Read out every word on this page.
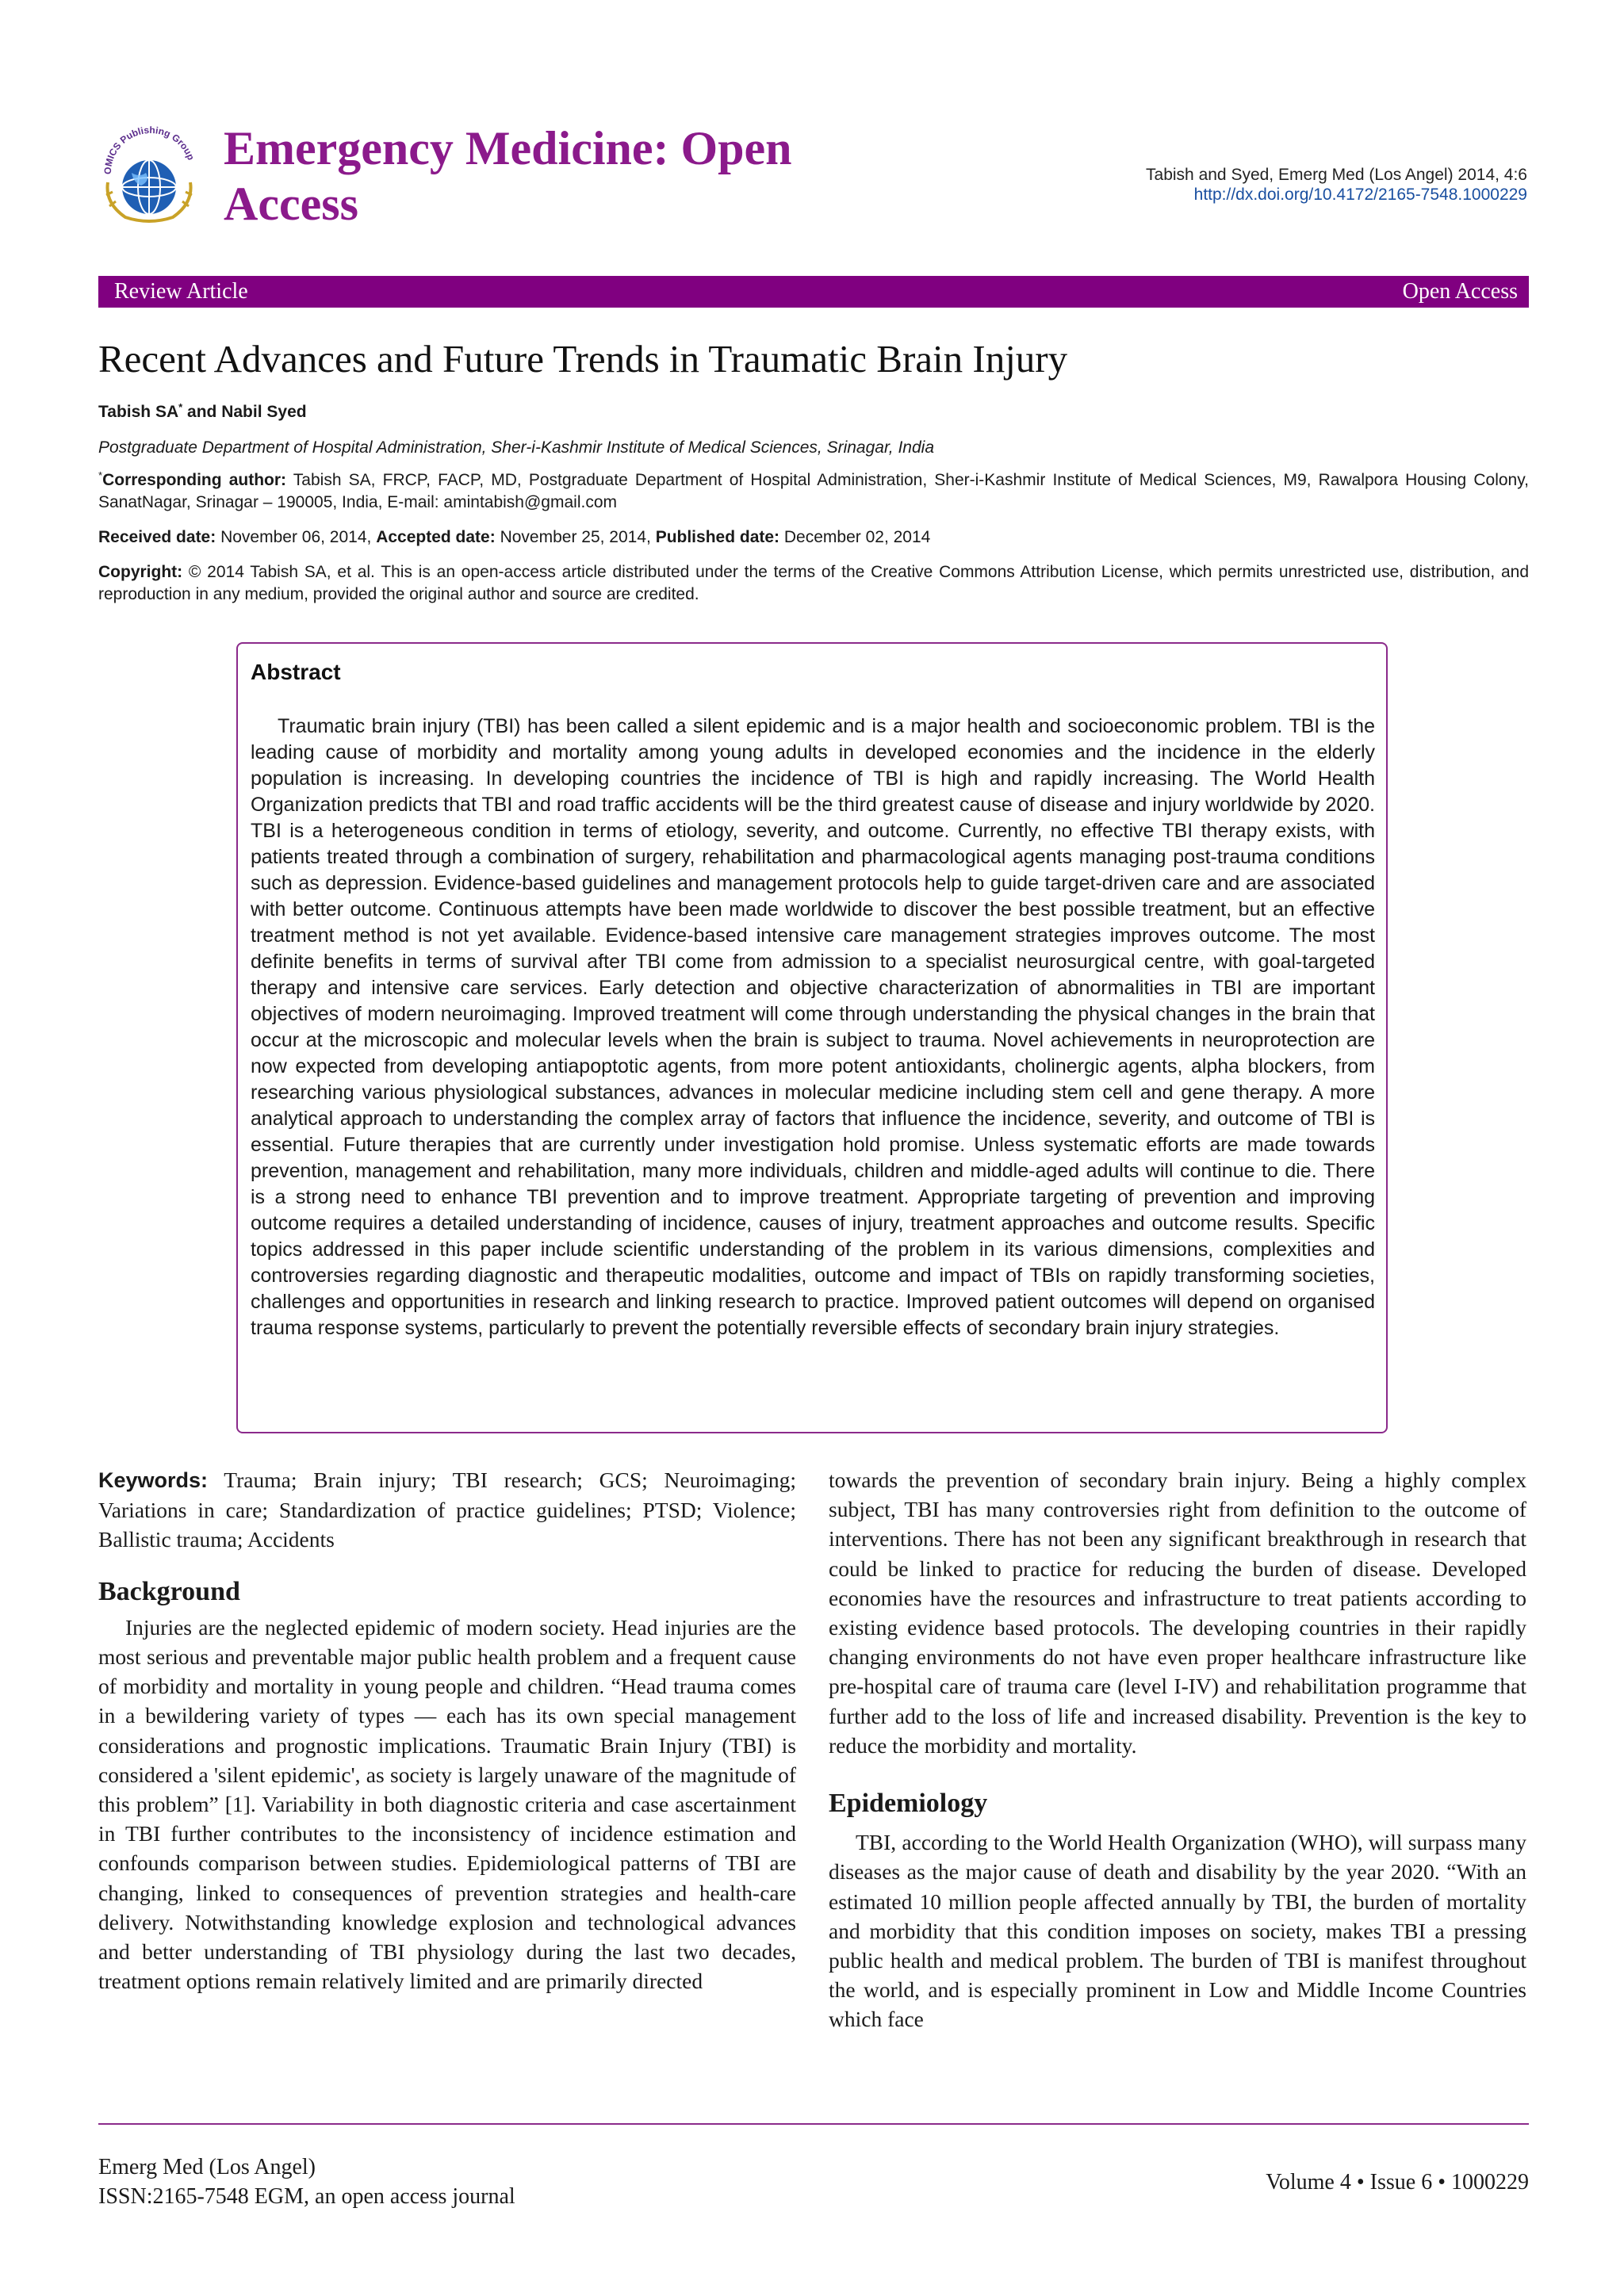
OMICS Publishing Group Emergency Medicine: Open Access
Tabish and Syed, Emerg Med (Los Angel) 2014, 4:6
http://dx.doi.org/10.4172/2165-7548.1000229
Review Article	Open Access
Recent Advances and Future Trends in Traumatic Brain Injury
Tabish SA* and Nabil Syed
Postgraduate Department of Hospital Administration, Sher-i-Kashmir Institute of Medical Sciences, Srinagar, India
*Corresponding author: Tabish SA, FRCP, FACP, MD, Postgraduate Department of Hospital Administration, Sher-i-Kashmir Institute of Medical Sciences, M9, Rawalpora Housing Colony, SanatNagar, Srinagar – 190005, India, E-mail: amintabish@gmail.com
Received date: November 06, 2014, Accepted date: November 25, 2014, Published date: December 02, 2014
Copyright: © 2014 Tabish SA, et al. This is an open-access article distributed under the terms of the Creative Commons Attribution License, which permits unrestricted use, distribution, and reproduction in any medium, provided the original author and source are credited.
Abstract
Traumatic brain injury (TBI) has been called a silent epidemic and is a major health and socioeconomic problem. TBI is the leading cause of morbidity and mortality among young adults in developed economies and the incidence in the elderly population is increasing. In developing countries the incidence of TBI is high and rapidly increasing. The World Health Organization predicts that TBI and road traffic accidents will be the third greatest cause of disease and injury worldwide by 2020. TBI is a heterogeneous condition in terms of etiology, severity, and outcome. Currently, no effective TBI therapy exists, with patients treated through a combination of surgery, rehabilitation and pharmacological agents managing post-trauma conditions such as depression. Evidence-based guidelines and management protocols help to guide target-driven care and are associated with better outcome. Continuous attempts have been made worldwide to discover the best possible treatment, but an effective treatment method is not yet available. Evidence-based intensive care management strategies improves outcome. The most definite benefits in terms of survival after TBI come from admission to a specialist neurosurgical centre, with goal-targeted therapy and intensive care services. Early detection and objective characterization of abnormalities in TBI are important objectives of modern neuroimaging. Improved treatment will come through understanding the physical changes in the brain that occur at the microscopic and molecular levels when the brain is subject to trauma. Novel achievements in neuroprotection are now expected from developing antiapoptotic agents, from more potent antioxidants, cholinergic agents, alpha blockers, from researching various physiological substances, advances in molecular medicine including stem cell and gene therapy. A more analytical approach to understanding the complex array of factors that influence the incidence, severity, and outcome of TBI is essential. Future therapies that are currently under investigation hold promise. Unless systematic efforts are made towards prevention, management and rehabilitation, many more individuals, children and middle-aged adults will continue to die. There is a strong need to enhance TBI prevention and to improve treatment. Appropriate targeting of prevention and improving outcome requires a detailed understanding of incidence, causes of injury, treatment approaches and outcome results. Specific topics addressed in this paper include scientific understanding of the problem in its various dimensions, complexities and controversies regarding diagnostic and therapeutic modalities, outcome and impact of TBIs on rapidly transforming societies, challenges and opportunities in research and linking research to practice. Improved patient outcomes will depend on organised trauma response systems, particularly to prevent the potentially reversible effects of secondary brain injury strategies.

Keywords: Trauma; Brain injury; TBI research; GCS; Neuroimaging; Variations in care; Standardization of practice guidelines; PTSD; Violence; Ballistic trauma; Accidents

Background

Injuries are the neglected epidemic of modern society. Head injuries are the most serious and preventable major public health problem and a frequent cause of morbidity and mortality in young people and children. “Head trauma comes in a bewildering variety of types — each has its own special management considerations and prognostic implications. Traumatic Brain Injury (TBI) is considered a 'silent epidemic', as society is largely unaware of the magnitude of this problem” [1]. Variability in both diagnostic criteria and case ascertainment in TBI further contributes to the inconsistency of incidence estimation and confounds comparison between studies. Epidemiological patterns of TBI are changing, linked to consequences of prevention strategies and health-care delivery. Notwithstanding knowledge explosion and technological advances and better understanding of TBI physiology during the last two decades, treatment options remain relatively limited and are primarily directed

towards the prevention of secondary brain injury. Being a highly complex subject, TBI has many controversies right from definition to the outcome of interventions. There has not been any significant breakthrough in research that could be linked to practice for reducing the burden of disease. Developed economies have the resources and infrastructure to treat patients according to existing evidence based protocols. The developing countries in their rapidly changing environments do not have even proper healthcare infrastructure like pre-hospital care of trauma care (level I-IV) and rehabilitation programme that further add to the loss of life and increased disability. Prevention is the key to reduce the morbidity and mortality.

Epidemiology

TBI, according to the World Health Organization (WHO), will surpass many diseases as the major cause of death and disability by the year 2020. “With an estimated 10 million people affected annually by TBI, the burden of mortality and morbidity that this condition imposes on society, makes TBI a pressing public health and medical problem. The burden of TBI is manifest throughout the world, and is especially prominent in Low and Middle Income Countries which face

Emerg Med (Los Angel)
ISSN:2165-7548 EGM, an open access journal
Volume 4 • Issue 6 • 1000229
